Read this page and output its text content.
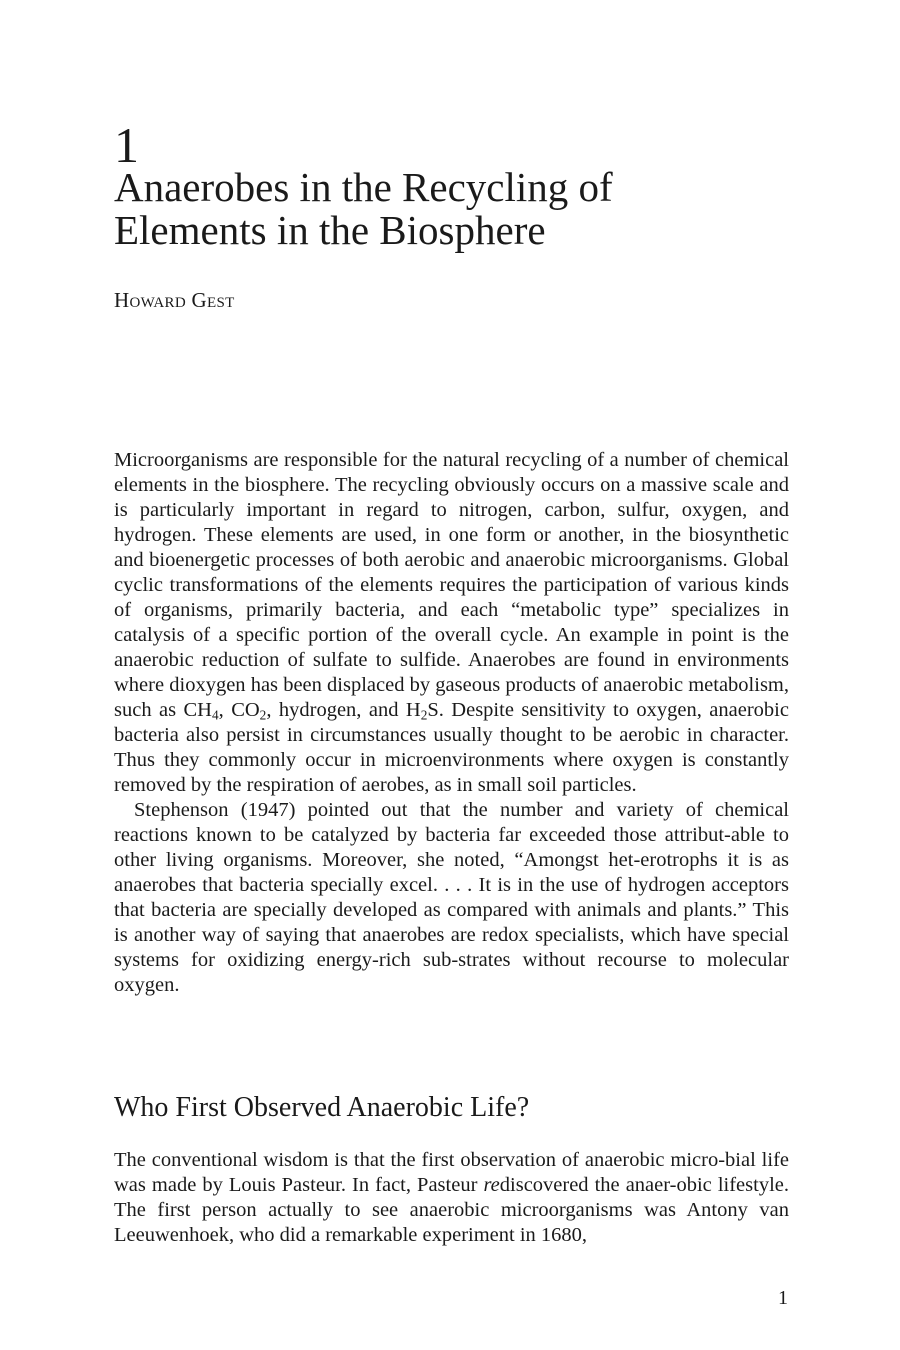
1
Anaerobes in the Recycling of
Elements in the Biosphere
Howard Gest

Microorganisms are responsible for the natural recycling of a number of chemical elements in the biosphere. The recycling obviously occurs on a massive scale and is particularly important in regard to nitrogen, carbon, sulfur, oxygen, and hydrogen. These elements are used, in one form or another, in the biosynthetic and bioenergetic processes of both aerobic and anaerobic microorganisms. Global cyclic transformations of the elements requires the participation of various kinds of organisms, primarily bacteria, and each “metabolic type” specializes in catalysis of a specific portion of the overall cycle. An example in point is the anaerobic reduction of sulfate to sulfide. Anaerobes are found in environments where dioxygen has been displaced by gaseous products of anaerobic metabolism, such as $CH_4$, $CO_2$, hydrogen, and $H_2S$. Despite sensitivity to oxygen, anaerobic bacteria also persist in circumstances usually thought to be aerobic in character. Thus they commonly occur in microenvironments where oxygen is constantly removed by the respiration of aerobes, as in small soil particles.

Stephenson (1947) pointed out that the number and variety of chemical reactions known to be catalyzed by bacteria far exceeded those attribut-able to other living organisms. Moreover, she noted, “Amongst het-erotrophs it is as anaerobes that bacteria specially excel. . . . It is in the use of hydrogen acceptors that bacteria are specially developed as compared with animals and plants.” This is another way of saying that anaerobes are redox specialists, which have special systems for oxidizing energy-rich sub-strates without recourse to molecular oxygen.

Who First Observed Anaerobic Life?

The conventional wisdom is that the first observation of anaerobic micro-bial life was made by Louis Pasteur. In fact, Pasteur rediscovered the anaer-obic lifestyle. The first person actually to see anaerobic microorganisms was Antony van Leeuwenhoek, who did a remarkable experiment in 1680,

1
